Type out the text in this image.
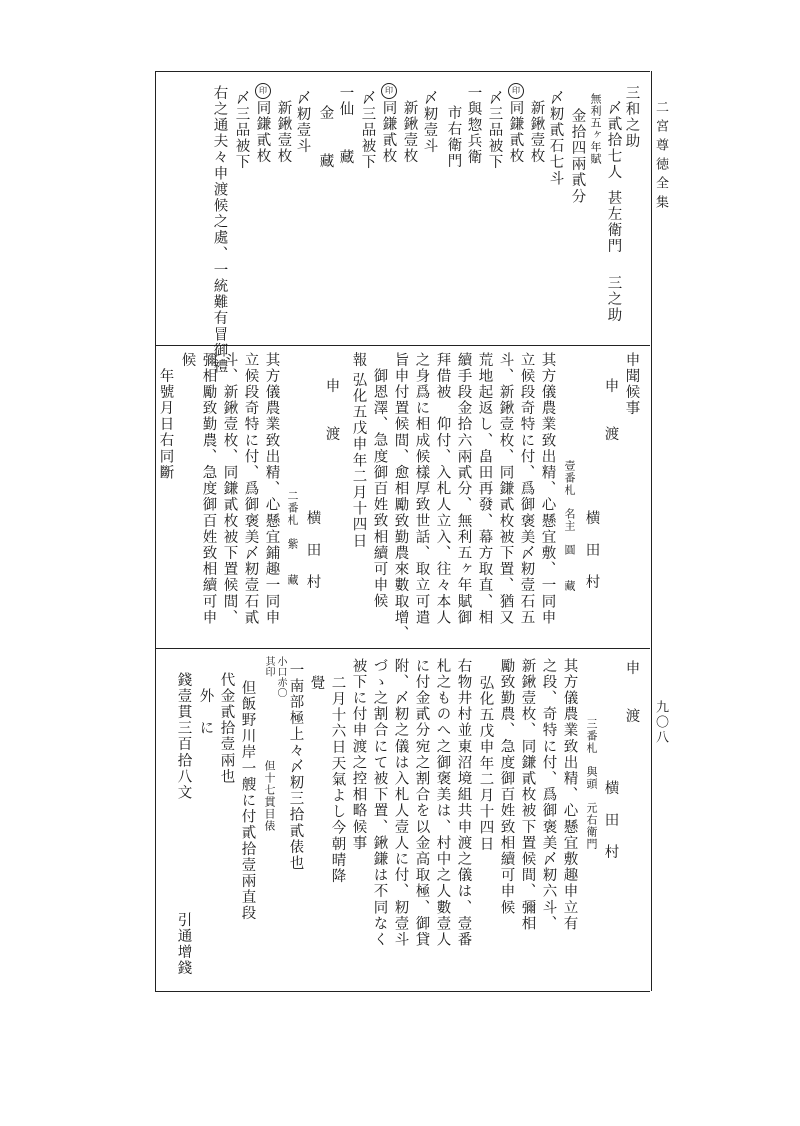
二宮尊徳全集
九〇八
三和之助
〆貳拾七人
甚左衛門
三之助
無利五ヶ年賦
金拾四兩貳分
〆籾貳石七斗
新鍬壹枚
印
同鎌貳枚
〆三品被下
一與惣兵衛
市右衛門
〆籾壹斗
新鍬壹枚
印
同鎌貳枚
〆三品被下
一仙　　藏
金　　藏
〆籾壹斗
新鍬壹枚
印
同鎌貳枚
〆三品被下
右之通夫々申渡候之處、一統難有冒御禮
申聞候事
申　　渡
横　田　村
壹番札　名主　圓　　藏
其方儀農業致出精、心懸宜敷、一同申
立候段奇特に付、爲御褒美〆籾壹石五
斗、新鍬壹枚、同鎌貳枚被下置、猶又
荒地起返し、畠田再發、幕方取直、相
續手段金拾六兩貳分、無利五ヶ年賦御
拜借被　仰付、入札人立入、往々本人
之身爲に相成候樣厚致世話、取立可遣
旨申付置候間、愈相勵致勤農來數取增、
御恩澤、急度御百姓致相續可申候
報
弘化五戊申年二月十四日
申　　渡
横　田　村
二番札　紫　　藏
其方儀農業致出精、心懸宜鋪趣一同申
立候段奇特に付、爲御褒美〆籾壹石貳
斗、新鍬壹枚、同鎌貳枚被下置候間、
彌相勵致勤農、急度御百姓致相續可申
候
年號月日右同斷
申　　渡
横　田　村
三番札　與頭　元右衛門
其方儀農業致出精、心懸宜敷趣申立有
之段、奇特に付、爲御褒美〆籾六斗、
新鍬壹枚、同鎌貳枚被下置候間、彌相
勵致勤農、急度御百姓致相續可申候
弘化五戊申年二月十四日
右物井村並東沼境組共申渡之儀は、壹番
札之ものへ之御褒美は、村中之人數壹人
に付金貳分宛之割合を以金高取極、御貸
附、〆籾之儀は入札人壹人に付、籾壹斗
づゝ之割合にて被下置、鍬鎌は不同なく
被下に付申渡之控相略候事
二月十六日天氣よし今朝晴降
覺
一南部極上々〆籾三拾貳俵也
小口赤〇
其印
但十七貫目俵
但飯野川岸一艘に付貳拾壹兩直段
代金貳拾壹兩也
外　に
錢壹貫三百拾八文
引通增錢
